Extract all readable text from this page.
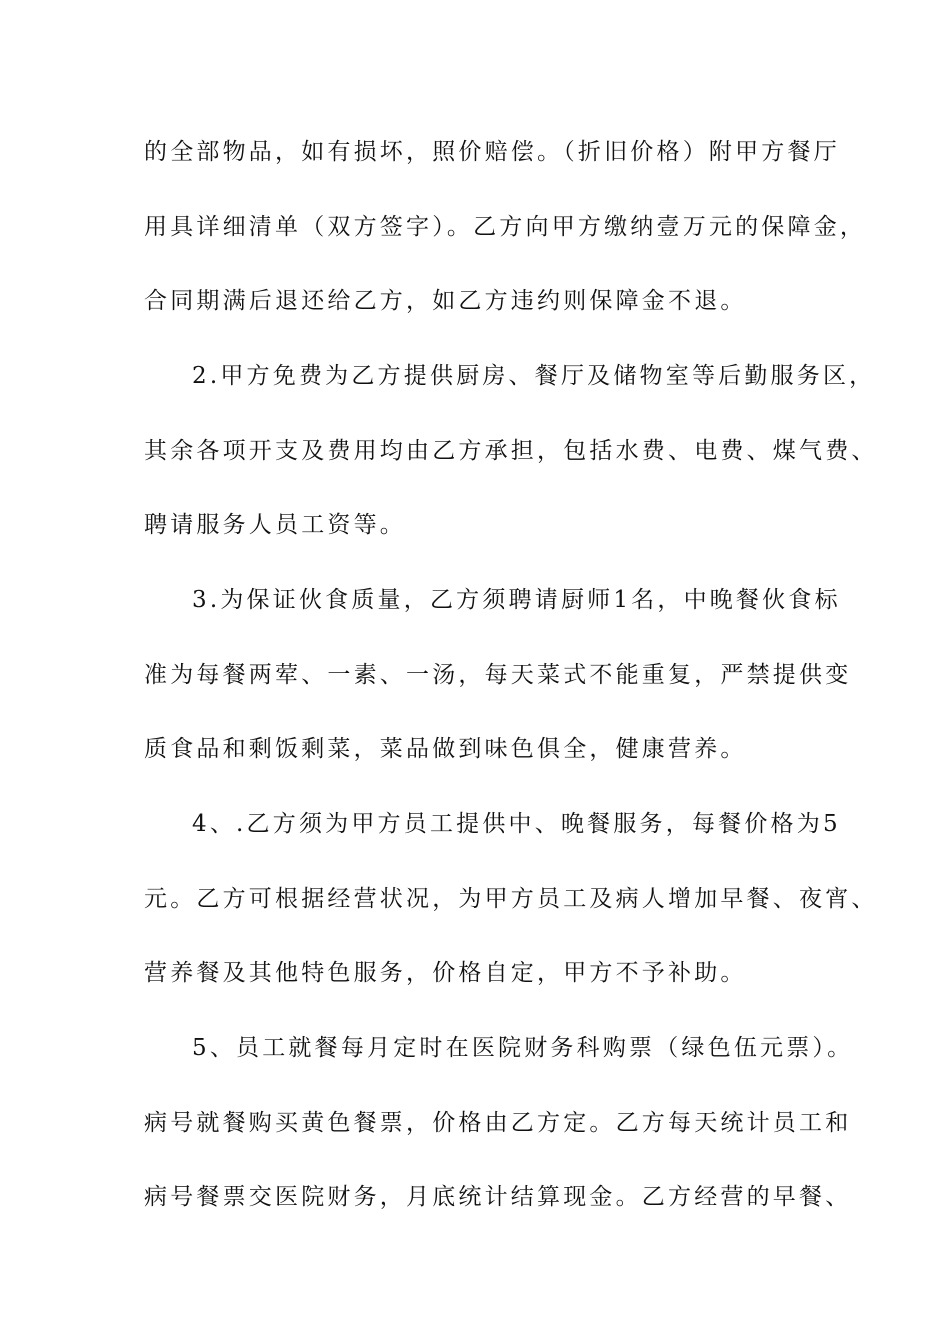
的全部物品，如有损坏，照价赔偿。（折旧价格）附甲方餐厅
用具详细清单（双方签字）。乙方向甲方缴纳壹万元的保障金，
合同期满后退还给乙方，如乙方违约则保障金不退。
2.甲方免费为乙方提供厨房、餐厅及储物室等后勤服务区，
其余各项开支及费用均由乙方承担，包括水费、电费、煤气费、
聘请服务人员工资等。
3.为保证伙食质量，乙方须聘请厨师1名，中晚餐伙食标
准为每餐两荤、一素、一汤，每天菜式不能重复，严禁提供变
质食品和剩饭剩菜，菜品做到味色俱全，健康营养。
4、.乙方须为甲方员工提供中、晚餐服务，每餐价格为5
元。乙方可根据经营状况，为甲方员工及病人增加早餐、夜宵、
营养餐及其他特色服务，价格自定，甲方不予补助。
5、员工就餐每月定时在医院财务科购票（绿色伍元票）。
病号就餐购买黄色餐票，价格由乙方定。乙方每天统计员工和
病号餐票交医院财务，月底统计结算现金。乙方经营的早餐、
